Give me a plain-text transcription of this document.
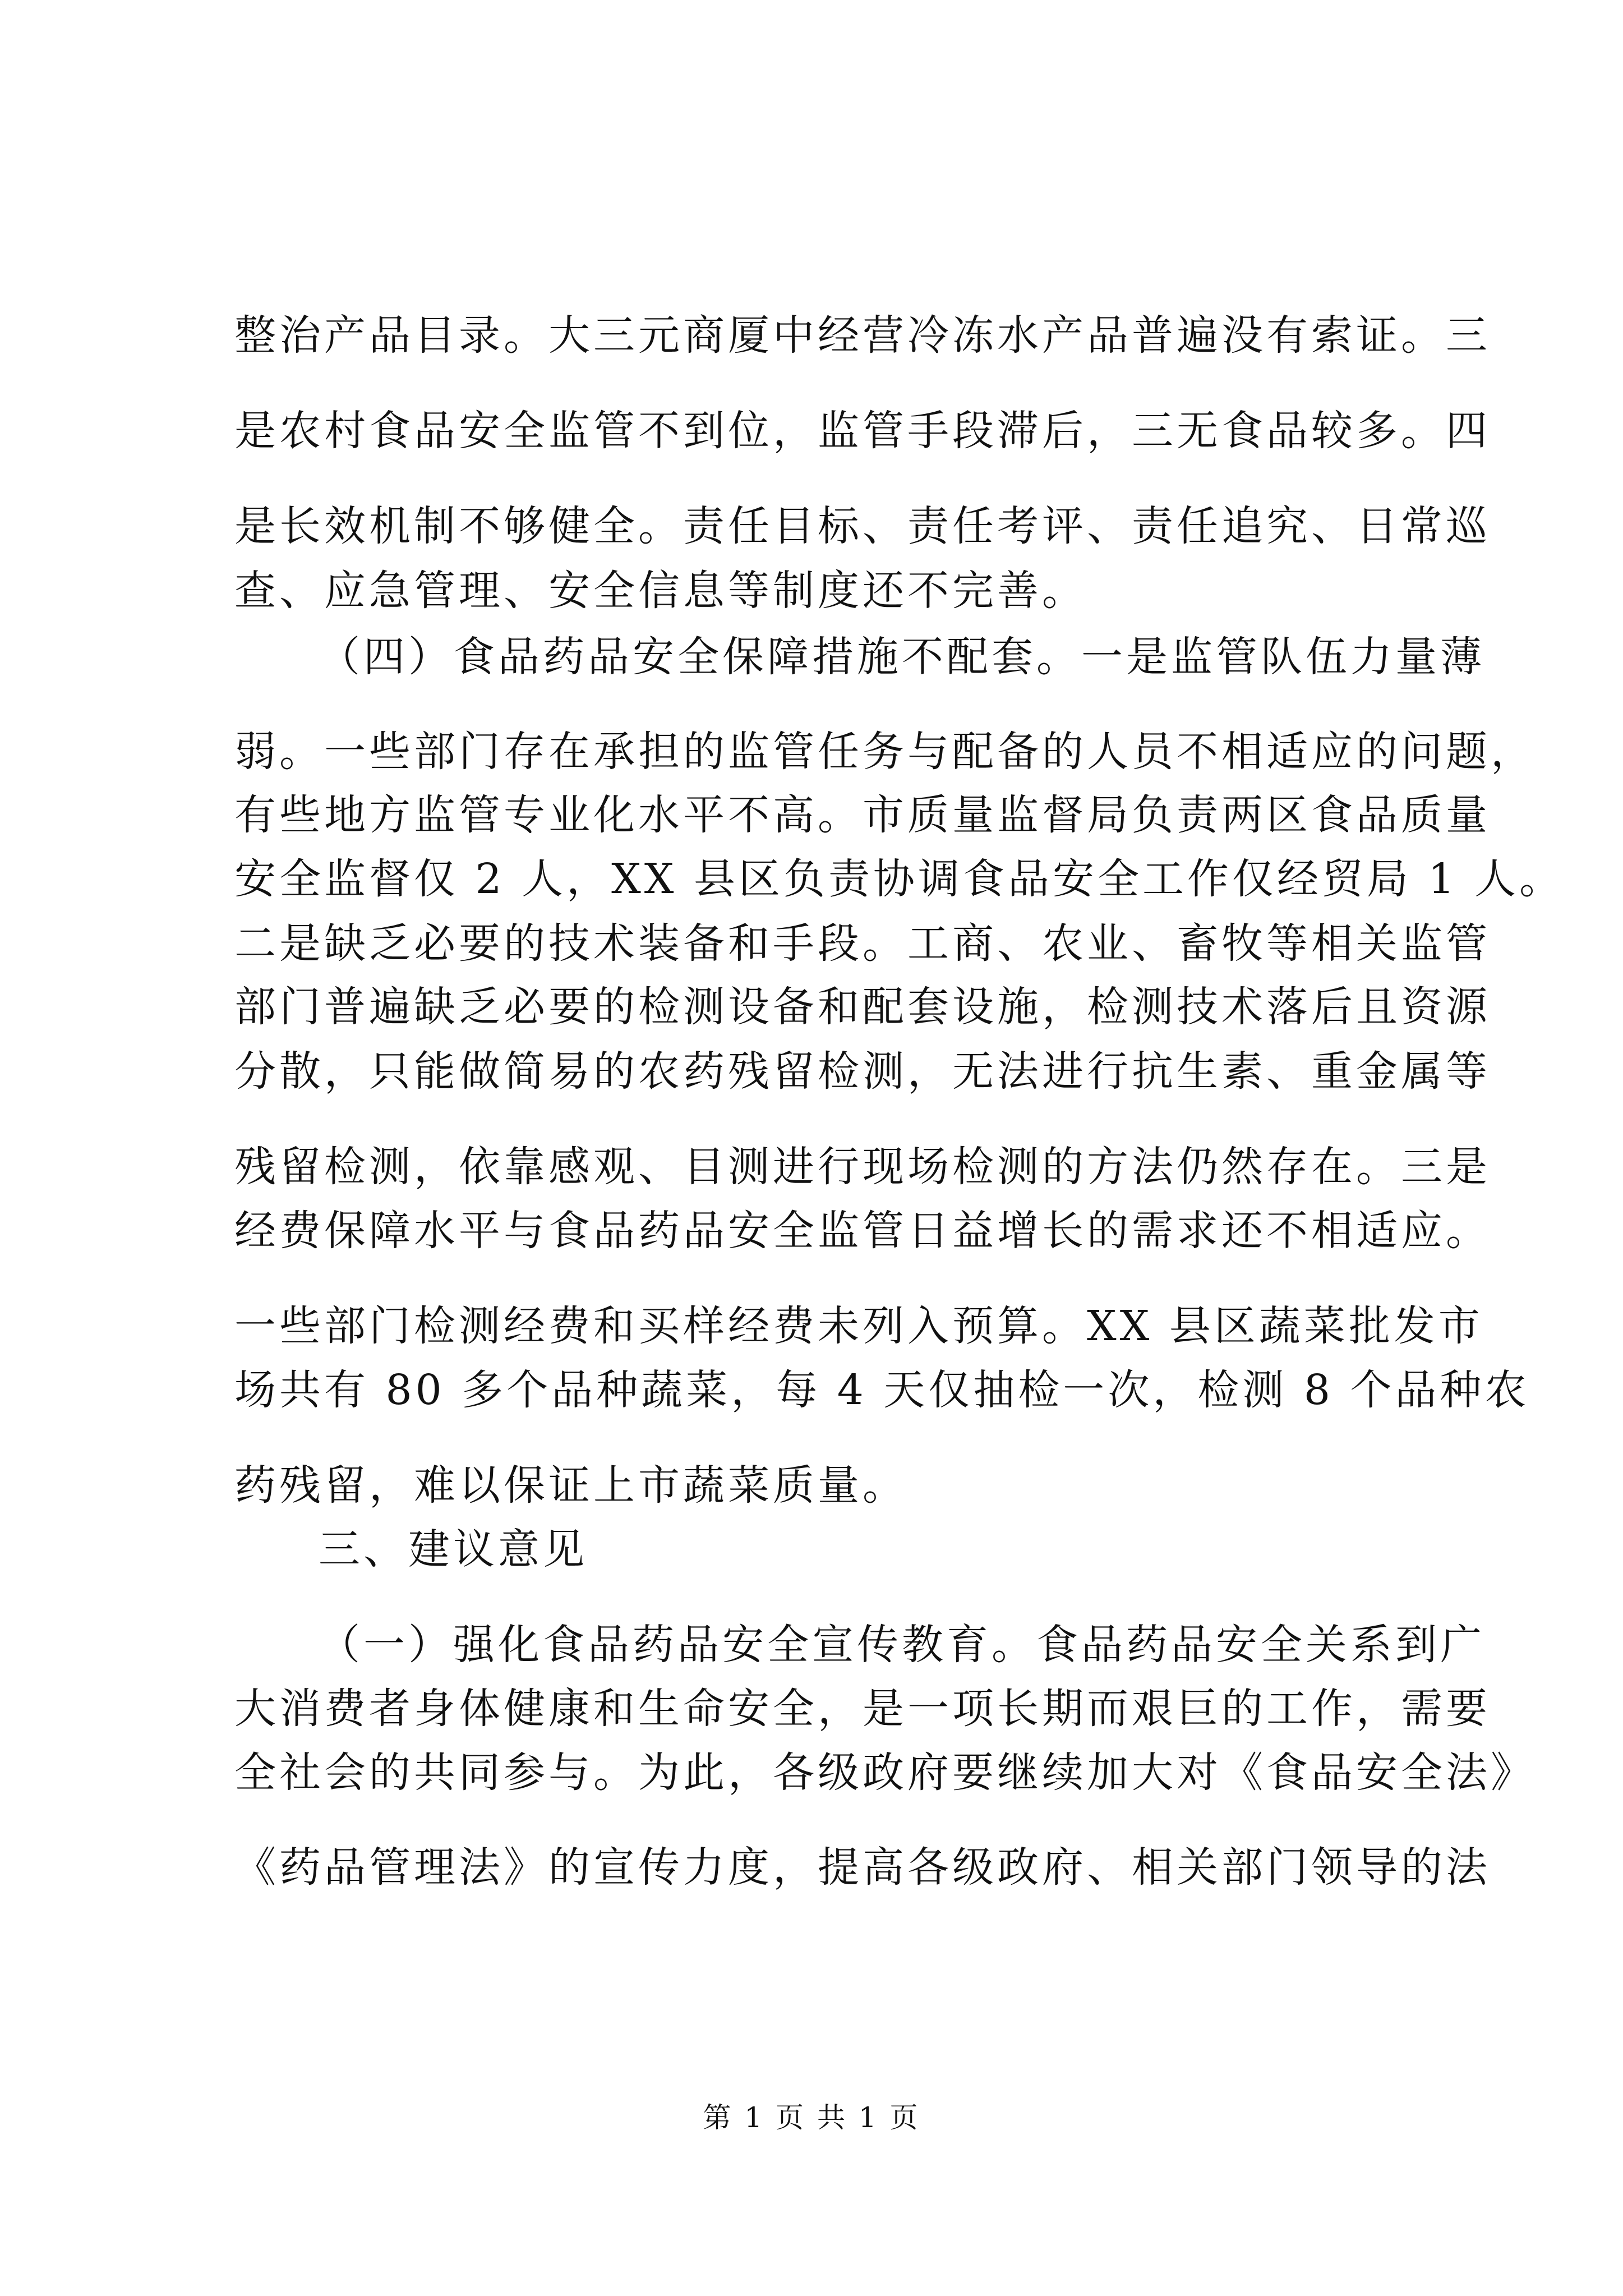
整治产品目录。大三元商厦中经营冷冻水产品普遍没有索证。三
是农村食品安全监管不到位，监管手段滞后，三无食品较多。四
是长效机制不够健全。责任目标、责任考评、责任追究、日常巡
查、应急管理、安全信息等制度还不完善。
（四）食品药品安全保障措施不配套。一是监管队伍力量薄
弱。一些部门存在承担的监管任务与配备的人员不相适应的问题，
有些地方监管专业化水平不高。市质量监督局负责两区食品质量
安全监督仅 2 人，XX 县区负责协调食品安全工作仅经贸局 1 人。
二是缺乏必要的技术装备和手段。工商、农业、畜牧等相关监管
部门普遍缺乏必要的检测设备和配套设施，检测技术落后且资源
分散，只能做简易的农药残留检测，无法进行抗生素、重金属等
残留检测，依靠感观、目测进行现场检测的方法仍然存在。三是
经费保障水平与食品药品安全监管日益增长的需求还不相适应。
一些部门检测经费和买样经费未列入预算。XX 县区蔬菜批发市
场共有 80 多个品种蔬菜，每 4 天仅抽检一次，检测 8 个品种农
药残留，难以保证上市蔬菜质量。
三、建议意见
（一）强化食品药品安全宣传教育。食品药品安全关系到广
大消费者身体健康和生命安全，是一项长期而艰巨的工作，需要
全社会的共同参与。为此，各级政府要继续加大对《食品安全法》
《药品管理法》的宣传力度，提高各级政府、相关部门领导的法
第 1 页 共 1 页
